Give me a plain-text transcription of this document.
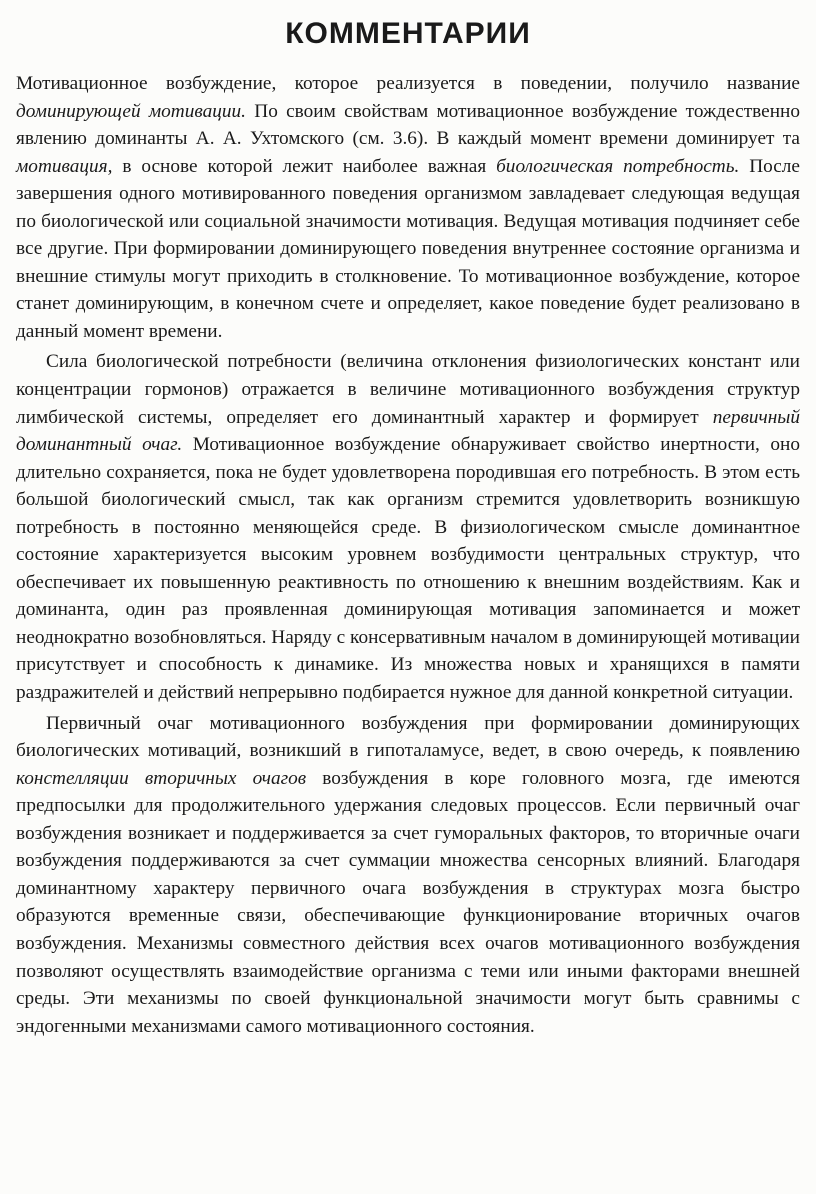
КОММЕНТАРИИ

Мотивационное возбуждение, которое реализуется в поведении, получило название доминирующей мотивации. По своим свойствам мотивационное возбуждение тождественно явлению доминанты А. А. Ухтомского (см. 3.6). В каждый момент времени доминирует та мотивация, в основе которой лежит наиболее важная биологическая потребность. После завершения одного мотивированного поведения организмом завладевает следующая ведущая по биологической или социальной значимости мотивация. Ведущая мотивация подчиняет себе все другие. При формировании доминирующего поведения внутреннее состояние организма и внешние стимулы могут приходить в столкновение. То мотивационное возбуждение, которое станет доминирующим, в конечном счете и определяет, какое поведение будет реализовано в данный момент времени.

Сила биологической потребности (величина отклонения физиологических констант или концентрации гормонов) отражается в величине мотивационного возбуждения структур лимбической системы, определяет его доминантный характер и формирует первичный доминантный очаг. Мотивационное возбуждение обнаруживает свойство инертности, оно длительно сохраняется, пока не будет удовлетворена породившая его потребность. В этом есть большой биологический смысл, так как организм стремится удовлетворить возникшую потребность в постоянно меняющейся среде. В физиологическом смысле доминантное состояние характеризуется высоким уровнем возбудимости центральных структур, что обеспечивает их повышенную реактивность по отношению к внешним воздействиям. Как и доминанта, один раз проявленная доминирующая мотивация запоминается и может неоднократно возобновляться. Наряду с консервативным началом в доминирующей мотивации присутствует и способность к динамике. Из множества новых и хранящихся в памяти раздражителей и действий непрерывно подбирается нужное для данной конкретной ситуации.

Первичный очаг мотивационного возбуждения при формировании доминирующих биологических мотиваций, возникший в гипоталамусе, ведет, в свою очередь, к появлению констелляции вторичных очагов возбуждения в коре головного мозга, где имеются предпосылки для продолжительного удержания следовых процессов. Если первичный очаг возбуждения возникает и поддерживается за счет гуморальных факторов, то вторичные очаги возбуждения поддерживаются за счет суммации множества сенсорных влияний. Благодаря доминантному характеру первичного очага возбуждения в структурах мозга быстро образуются временные связи, обеспечивающие функционирование вторичных очагов возбуждения. Механизмы совместного действия всех очагов мотивационного возбуждения позволяют осуществлять взаимодействие организма с теми или иными факторами внешней среды. Эти механизмы по своей функциональной значимости могут быть сравнимы с эндогенными механизмами самого мотивационного состояния.
